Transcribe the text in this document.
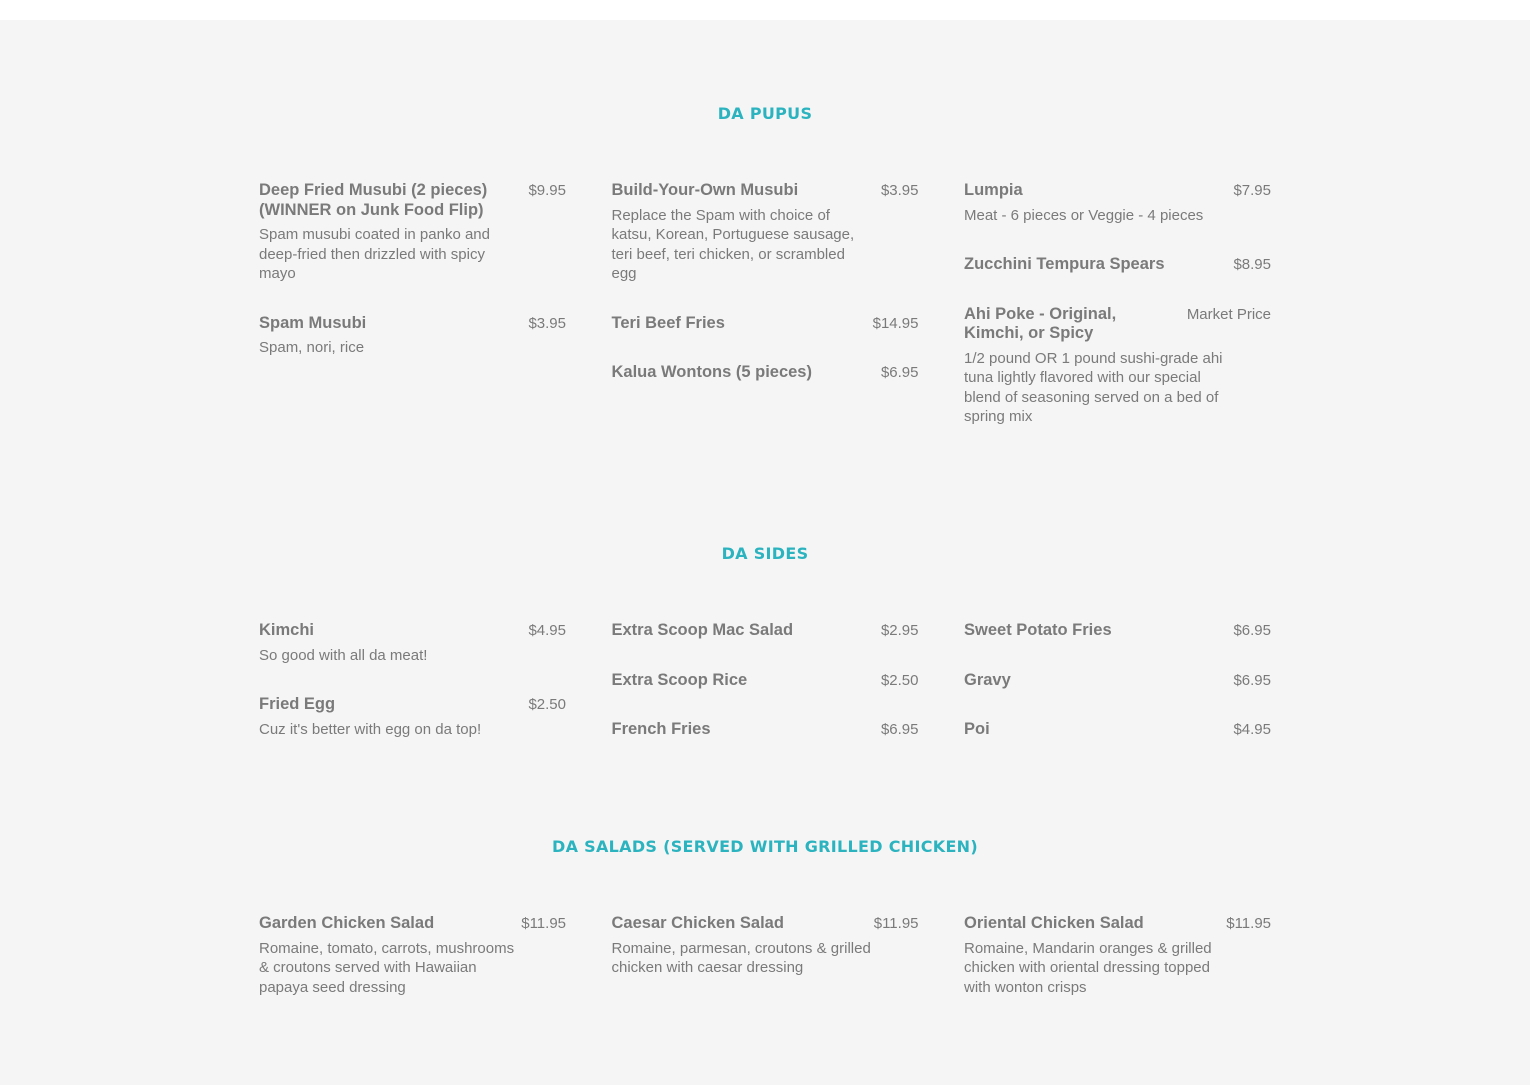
DA PUPUS
Deep Fried Musubi (2 pieces) (WINNER on Junk Food Flip)
$9.95
Spam musubi coated in panko and deep-fried then drizzled with spicy mayo
Spam Musubi	$3.95
Spam, nori, rice
Build-Your-Own Musubi	$3.95
Replace the Spam with choice of katsu, Korean, Portuguese sausage, teri beef, teri chicken, or scrambled egg
Teri Beef Fries	$14.95
Kalua Wontons (5 pieces)	$6.95
Lumpia	$7.95
Meat - 6 pieces or Veggie - 4 pieces
Zucchini Tempura Spears	$8.95
Ahi Poke - Original, Kimchi, or Spicy
Market Price
1/2 pound OR 1 pound sushi-grade ahi tuna lightly flavored with our special blend of seasoning served on a bed of spring mix
DA SIDES
Kimchi	$4.95
So good with all da meat!
Fried Egg	$2.50
Cuz it's better with egg on da top!
Extra Scoop Mac Salad	$2.95
Extra Scoop Rice	$2.50
French Fries	$6.95
Sweet Potato Fries	$6.95
Gravy	$6.95
Poi	$4.95
DA SALADS (SERVED WITH GRILLED CHICKEN)
Garden Chicken Salad	$11.95
Romaine, tomato, carrots, mushrooms & croutons served with Hawaiian papaya seed dressing
Caesar Chicken Salad	$11.95
Romaine, parmesan, croutons & grilled chicken with caesar dressing
Oriental Chicken Salad	$11.95
Romaine, Mandarin oranges & grilled chicken with oriental dressing topped with wonton crisps
